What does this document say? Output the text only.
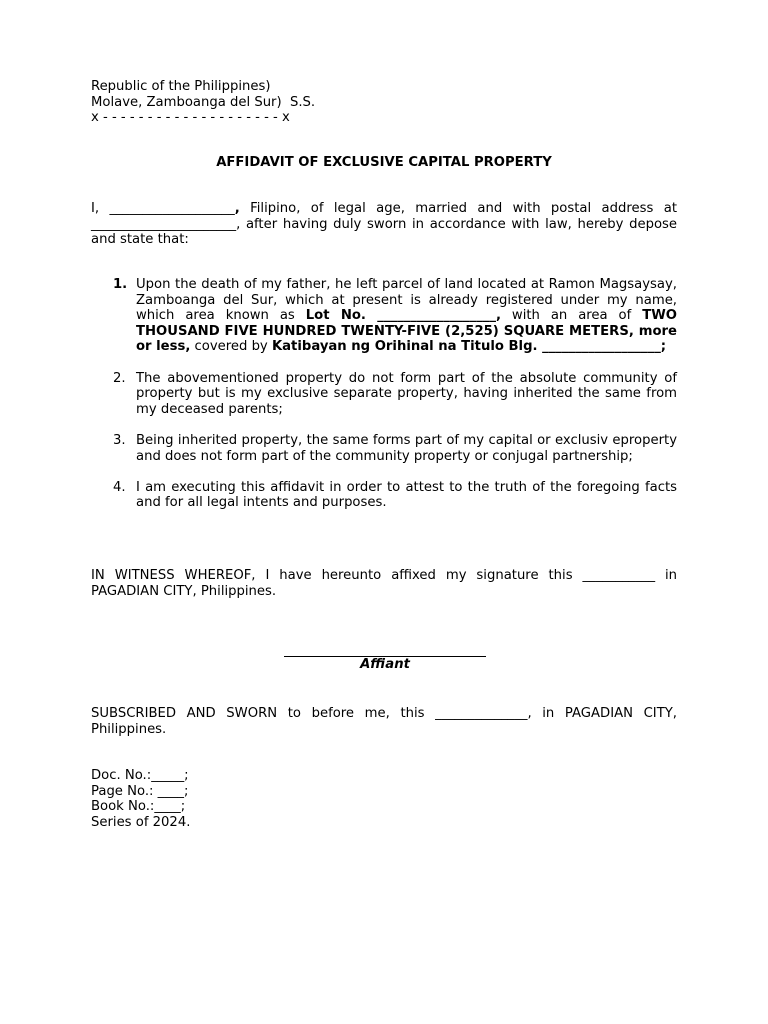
Republic of the Philippines)
Molave, Zamboanga del Sur)  S.S.
x - - - - - - - - - - - - - - - - - - - - x
AFFIDAVIT OF EXCLUSIVE CAPITAL PROPERTY

I, ___________________, Filipino, of legal age, married and with postal address at ______________________, after having duly sworn in accordance with law, hereby depose and state that:

1. Upon the death of my father, he left parcel of land located at Ramon Magsaysay, Zamboanga del Sur, which at present is already registered under my name, which area known as Lot No. __________________, with an area of TWO THOUSAND FIVE HUNDRED TWENTY-FIVE (2,525) SQUARE METERS, more or less, covered by Katibayan ng Orihinal na Titulo Blg. __________________;
2. The abovementioned property do not form part of the absolute community of property but is my exclusive separate property, having inherited the same from my deceased parents;
3. Being inherited property, the same forms part of my capital or exclusiv eproperty and does not form part of the community property or conjugal partnership;
4. I am executing this affidavit in order to attest to the truth of the foregoing facts and for all legal intents and purposes.

IN WITNESS WHEREOF, I have hereunto affixed my signature this ___________ in PAGADIAN CITY, Philippines.

Affiant

SUBSCRIBED AND SWORN to before me, this ______________, in PAGADIAN CITY, Philippines.

Doc. No.:_____;
Page No.: ____;
Book No.:____;
Series of 2024.
